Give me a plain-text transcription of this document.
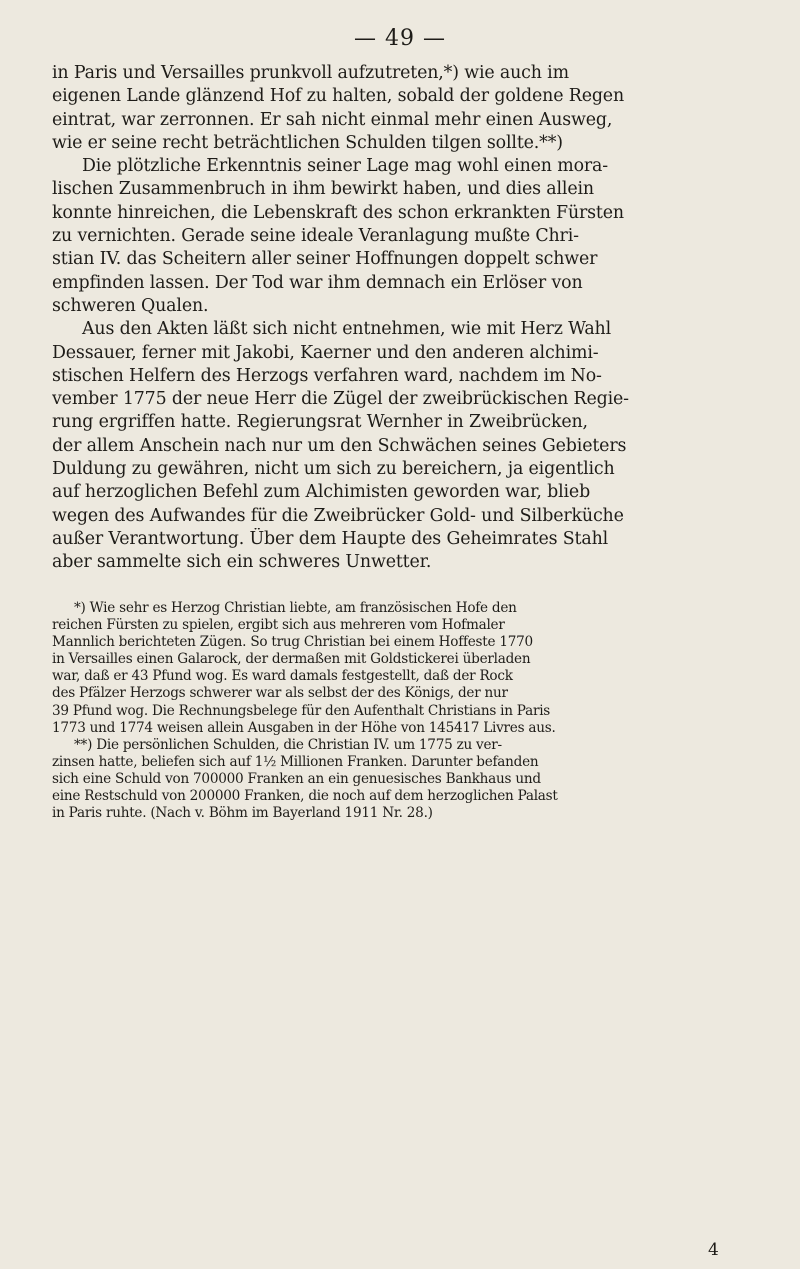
— 49 —
in Paris und Versailles prunkvoll aufzutreten,*) wie auch im
eigenen Lande glänzend Hof zu halten, sobald der goldene Regen
eintrat, war zerronnen. Er sah nicht einmal mehr einen Ausweg,
wie er seine recht beträchtlichen Schulden tilgen sollte.**)
Die plötzliche Erkenntnis seiner Lage mag wohl einen mora-
lischen Zusammenbruch in ihm bewirkt haben, und dies allein
konnte hinreichen, die Lebenskraft des schon erkrankten Fürsten
zu vernichten. Gerade seine ideale Veranlagung mußte Chri-
stian IV. das Scheitern aller seiner Hoffnungen doppelt schwer
empfinden lassen. Der Tod war ihm demnach ein Erlöser von
schweren Qualen.
Aus den Akten läßt sich nicht entnehmen, wie mit Herz Wahl
Dessauer, ferner mit Jakobi, Kaerner und den anderen alchimi-
stischen Helfern des Herzogs verfahren ward, nachdem im No-
vember 1775 der neue Herr die Zügel der zweibrückischen Regie-
rung ergriffen hatte. Regierungsrat Wernher in Zweibrücken,
der allem Anschein nach nur um den Schwächen seines Gebieters
Duldung zu gewähren, nicht um sich zu bereichern, ja eigentlich
auf herzoglichen Befehl zum Alchimisten geworden war, blieb
wegen des Aufwandes für die Zweibrücker Gold- und Silberküche
außer Verantwortung. Über dem Haupte des Geheimrates Stahl
aber sammelte sich ein schweres Unwetter.
*) Wie sehr es Herzog Christian liebte, am französischen Hofe den
reichen Fürsten zu spielen, ergibt sich aus mehreren vom Hofmaler
Mannlich berichteten Zügen. So trug Christian bei einem Hoffeste 1770
in Versailles einen Galarock, der dermaßen mit Goldstickerei überladen
war, daß er 43 Pfund wog. Es ward damals festgestellt, daß der Rock
des Pfälzer Herzogs schwerer war als selbst der des Königs, der nur
39 Pfund wog. Die Rechnungsbelege für den Aufenthalt Christians in Paris
1773 und 1774 weisen allein Ausgaben in der Höhe von 145417 Livres aus.
**) Die persönlichen Schulden, die Christian IV. um 1775 zu ver-
zinsen hatte, beliefen sich auf 1½ Millionen Franken. Darunter befanden
sich eine Schuld von 700000 Franken an ein genuesisches Bankhaus und
eine Restschuld von 200000 Franken, die noch auf dem herzoglichen Palast
in Paris ruhte. (Nach v. Böhm im Bayerland 1911 Nr. 28.)
4
